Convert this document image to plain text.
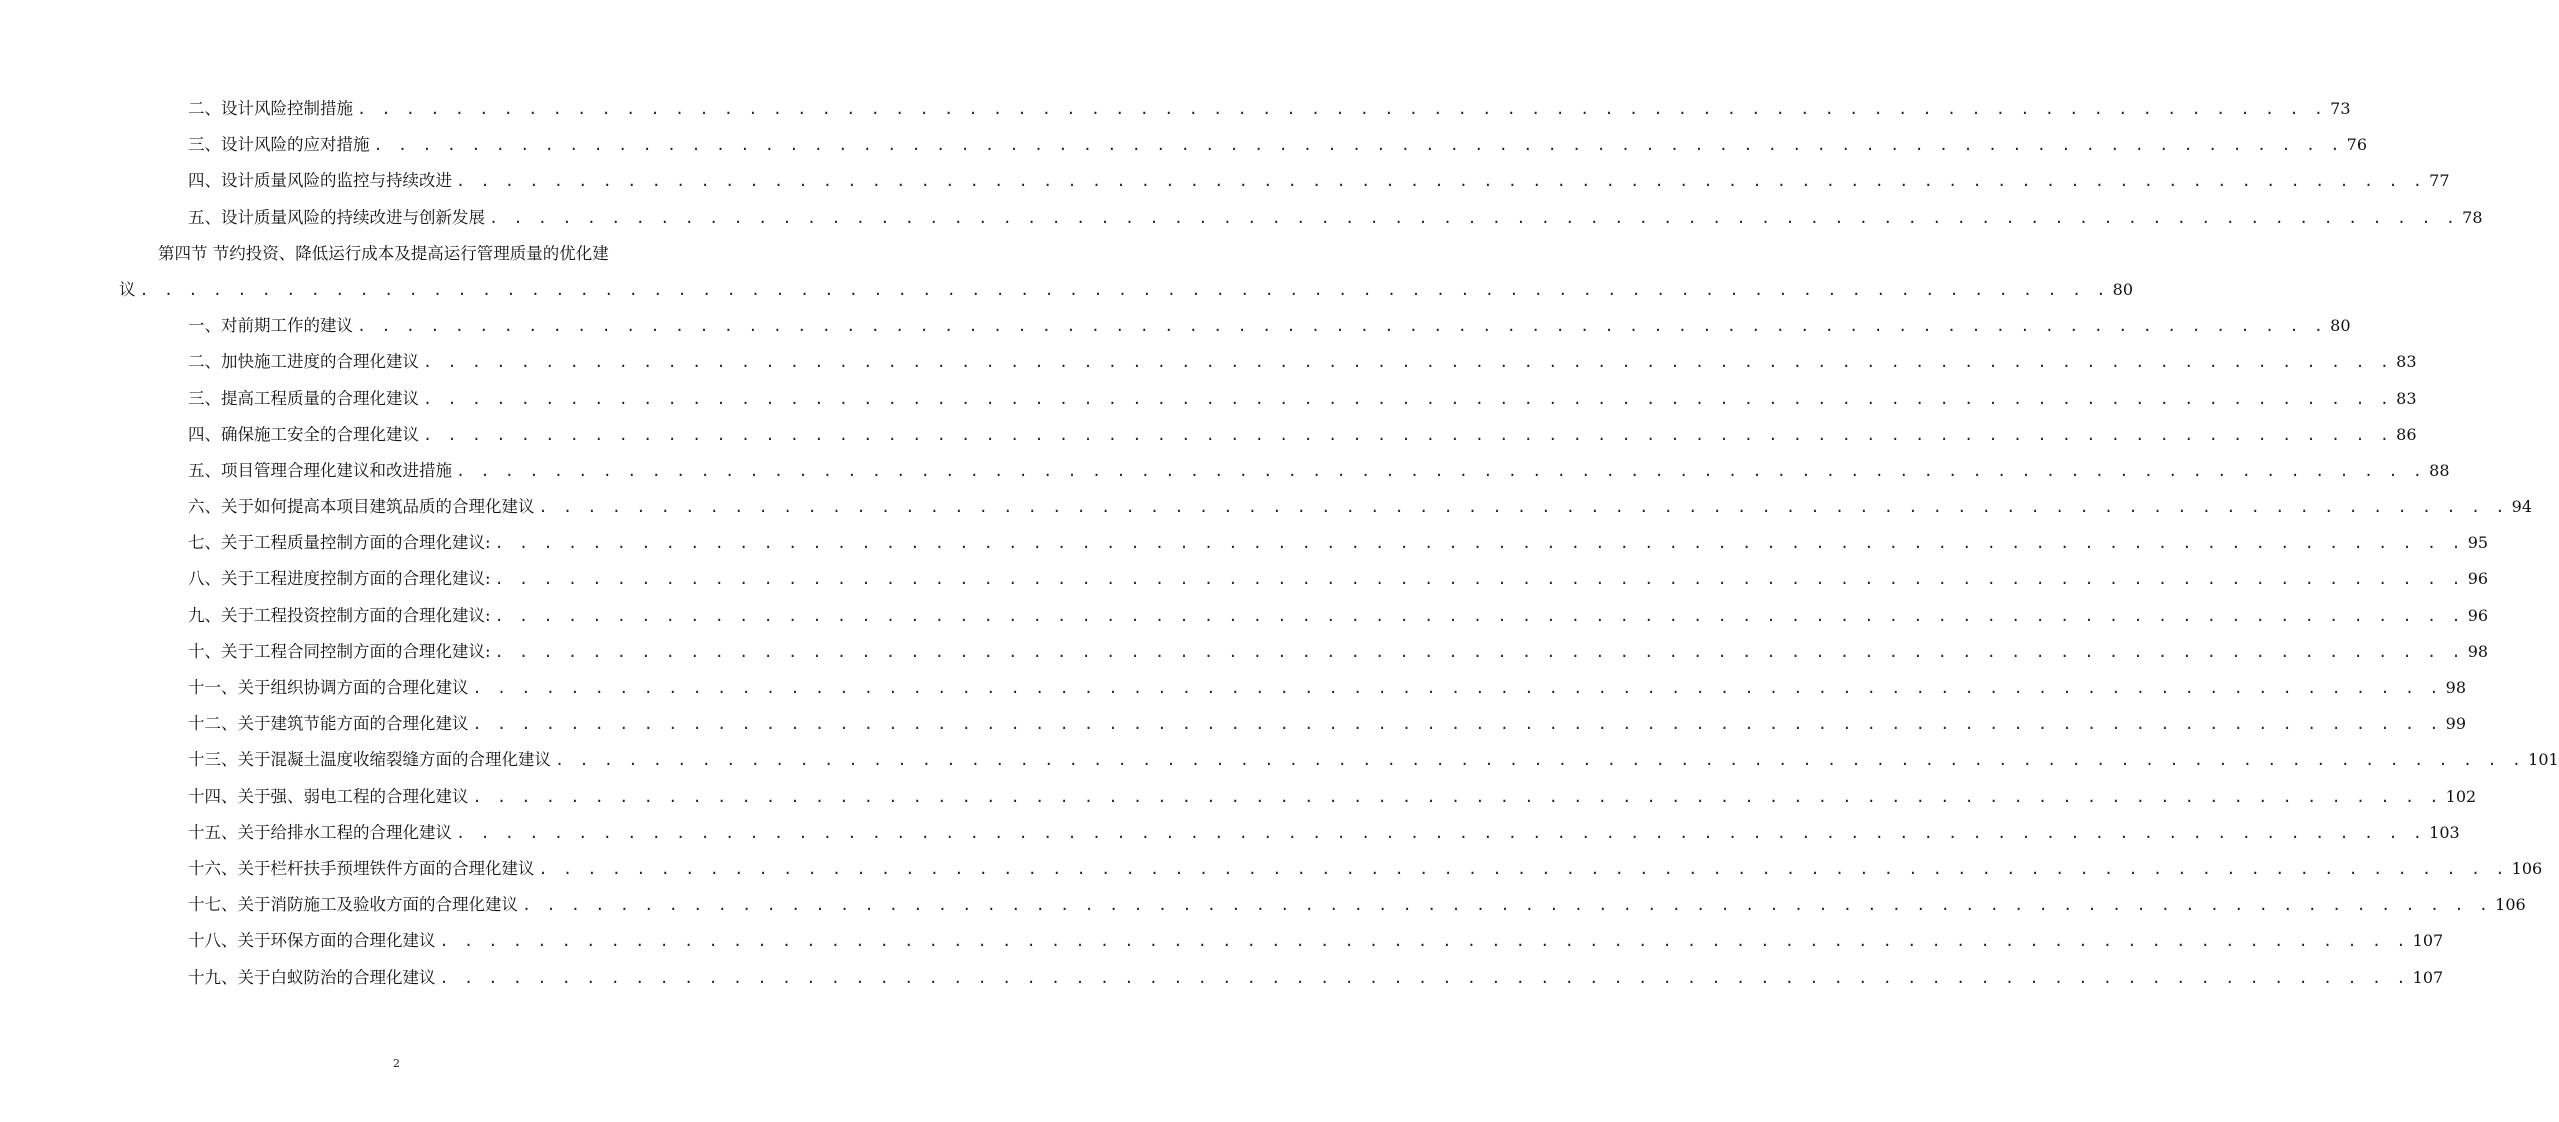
二、 设计风险控制措施 . . . . . . . . . . . . . . . . . . . . . . . . . . . . . . . . . . . . . . . . . . . . . . . . . . . . . . . . . . . . . . . . . . . . . . . . . . . . . . . . . 73
三、 设计风险的应对措施 . . . . . . . . . . . . . . . . . . . . . . . . . . . . . . . . . . . . . . . . . . . . . . . . . . . . . . . . . . . . . . . . . . . . . . . . . . . . . . . . . 76
四、 设计质量风险的监控与持续改进 . . . . . . . . . . . . . . . . . . . . . . . . . . . . . . . . . . . . . . . . . . . . . . . . . . . . . . . . . . . . . . . . . . . . . . . . . . . . . . . . . 77
五、 设计质量风险的持续改进与创新发展 . . . . . . . . . . . . . . . . . . . . . . . . . . . . . . . . . . . . . . . . . . . . . . . . . . . . . . . . . . . . . . . . . . . . . . . . . . . . . . . . . 78
第四节 节约投资、降低运行成本及提高运行管理质量的优化建
议 . . . . . . . . . . . . . . . . . . . . . . . . . . . . . . . . . . . . . . . . . . . . . . . . . . . . . . . . . . . . . . . . . . . . . . . . . . . . . . . . . 80
一、 对前期工作的建议 . . . . . . . . . . . . . . . . . . . . . . . . . . . . . . . . . . . . . . . . . . . . . . . . . . . . . . . . . . . . . . . . . . . . . . . . . . . . . . . . . 80
二、 加快施工进度的合理化建议 . . . . . . . . . . . . . . . . . . . . . . . . . . . . . . . . . . . . . . . . . . . . . . . . . . . . . . . . . . . . . . . . . . . . . . . . . . . . . . . . . 83
三、 提高工程质量的合理化建议 . . . . . . . . . . . . . . . . . . . . . . . . . . . . . . . . . . . . . . . . . . . . . . . . . . . . . . . . . . . . . . . . . . . . . . . . . . . . . . . . . 83
四、 确保施工安全的合理化建议 . . . . . . . . . . . . . . . . . . . . . . . . . . . . . . . . . . . . . . . . . . . . . . . . . . . . . . . . . . . . . . . . . . . . . . . . . . . . . . . . . 86
五、 项目管理合理化建议和改进措施 . . . . . . . . . . . . . . . . . . . . . . . . . . . . . . . . . . . . . . . . . . . . . . . . . . . . . . . . . . . . . . . . . . . . . . . . . . . . . . . . . 88
六、 关于如何提高本项目建筑品质的合理化建议 . . . . . . . . . . . . . . . . . . . . . . . . . . . . . . . . . . . . . . . . . . . . . . . . . . . . . . . . . . . . . . . . . . . . . . . . . . . . . . . . . 94
七、 关于工程质量控制方面的合理化建议: . . . . . . . . . . . . . . . . . . . . . . . . . . . . . . . . . . . . . . . . . . . . . . . . . . . . . . . . . . . . . . . . . . . . . . . . . . . . . . . . . 95
八、 关于工程进度控制方面的合理化建议: . . . . . . . . . . . . . . . . . . . . . . . . . . . . . . . . . . . . . . . . . . . . . . . . . . . . . . . . . . . . . . . . . . . . . . . . . . . . . . . . . 96
九、 关于工程投资控制方面的合理化建议: . . . . . . . . . . . . . . . . . . . . . . . . . . . . . . . . . . . . . . . . . . . . . . . . . . . . . . . . . . . . . . . . . . . . . . . . . . . . . . . . . 96
十、 关于工程合同控制方面的合理化建议: . . . . . . . . . . . . . . . . . . . . . . . . . . . . . . . . . . . . . . . . . . . . . . . . . . . . . . . . . . . . . . . . . . . . . . . . . . . . . . . . . 98
十一、 关于组织协调方面的合理化建议 . . . . . . . . . . . . . . . . . . . . . . . . . . . . . . . . . . . . . . . . . . . . . . . . . . . . . . . . . . . . . . . . . . . . . . . . . . . . . . . . . 98
十二、 关于建筑节能方面的合理化建议 . . . . . . . . . . . . . . . . . . . . . . . . . . . . . . . . . . . . . . . . . . . . . . . . . . . . . . . . . . . . . . . . . . . . . . . . . . . . . . . . . 99
十三、 关于混凝土温度收缩裂缝方面的合理化建议 . . . . . . . . . . . . . . . . . . . . . . . . . . . . . . . . . . . . . . . . . . . . . . . . . . . . . . . . . . . . . . . . . . . . . . . . . . . . . . . . . 101
十四、 关于强、弱电工程的合理化建议 . . . . . . . . . . . . . . . . . . . . . . . . . . . . . . . . . . . . . . . . . . . . . . . . . . . . . . . . . . . . . . . . . . . . . . . . . . . . . . . . . 102
十五、 关于给排水工程的合理化建议 . . . . . . . . . . . . . . . . . . . . . . . . . . . . . . . . . . . . . . . . . . . . . . . . . . . . . . . . . . . . . . . . . . . . . . . . . . . . . . . . . 103
十六、 关于栏杆扶手预埋铁件方面的合理化建议 . . . . . . . . . . . . . . . . . . . . . . . . . . . . . . . . . . . . . . . . . . . . . . . . . . . . . . . . . . . . . . . . . . . . . . . . . . . . . . . . . 106
十七、 关于消防施工及验收方面的合理化建议 . . . . . . . . . . . . . . . . . . . . . . . . . . . . . . . . . . . . . . . . . . . . . . . . . . . . . . . . . . . . . . . . . . . . . . . . . . . . . . . . . 106
十八、 关于环保方面的合理化建议 . . . . . . . . . . . . . . . . . . . . . . . . . . . . . . . . . . . . . . . . . . . . . . . . . . . . . . . . . . . . . . . . . . . . . . . . . . . . . . . . . 107
十九、 关于白蚁防治的合理化建议 . . . . . . . . . . . . . . . . . . . . . . . . . . . . . . . . . . . . . . . . . . . . . . . . . . . . . . . . . . . . . . . . . . . . . . . . . . . . . . . . . 107
2
